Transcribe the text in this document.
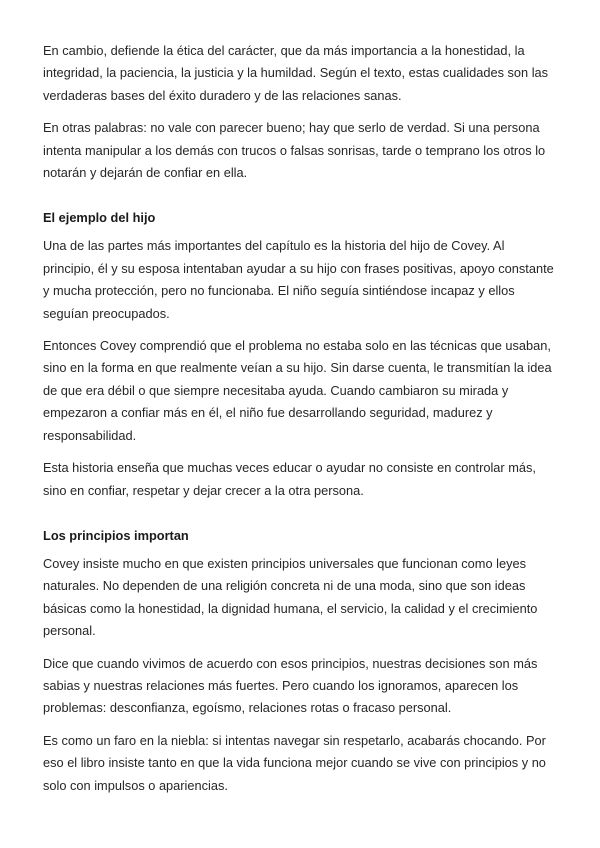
En cambio, defiende la ética del carácter, que da más importancia a la honestidad, la integridad, la paciencia, la justicia y la humildad. Según el texto, estas cualidades son las verdaderas bases del éxito duradero y de las relaciones sanas.

En otras palabras: no vale con parecer bueno; hay que serlo de verdad. Si una persona intenta manipular a los demás con trucos o falsas sonrisas, tarde o temprano los otros lo notarán y dejarán de confiar en ella.

El ejemplo del hijo

Una de las partes más importantes del capítulo es la historia del hijo de Covey. Al principio, él y su esposa intentaban ayudar a su hijo con frases positivas, apoyo constante y mucha protección, pero no funcionaba. El niño seguía sintiéndose incapaz y ellos seguían preocupados.

Entonces Covey comprendió que el problema no estaba solo en las técnicas que usaban, sino en la forma en que realmente veían a su hijo. Sin darse cuenta, le transmitían la idea de que era débil o que siempre necesitaba ayuda. Cuando cambiaron su mirada y empezaron a confiar más en él, el niño fue desarrollando seguridad, madurez y responsabilidad.

Esta historia enseña que muchas veces educar o ayudar no consiste en controlar más, sino en confiar, respetar y dejar crecer a la otra persona.

Los principios importan

Covey insiste mucho en que existen principios universales que funcionan como leyes naturales. No dependen de una religión concreta ni de una moda, sino que son ideas básicas como la honestidad, la dignidad humana, el servicio, la calidad y el crecimiento personal.

Dice que cuando vivimos de acuerdo con esos principios, nuestras decisiones son más sabias y nuestras relaciones más fuertes. Pero cuando los ignoramos, aparecen los problemas: desconfianza, egoísmo, relaciones rotas o fracaso personal.

Es como un faro en la niebla: si intentas navegar sin respetarlo, acabarás chocando. Por eso el libro insiste tanto en que la vida funciona mejor cuando se vive con principios y no solo con impulsos o apariencias.
